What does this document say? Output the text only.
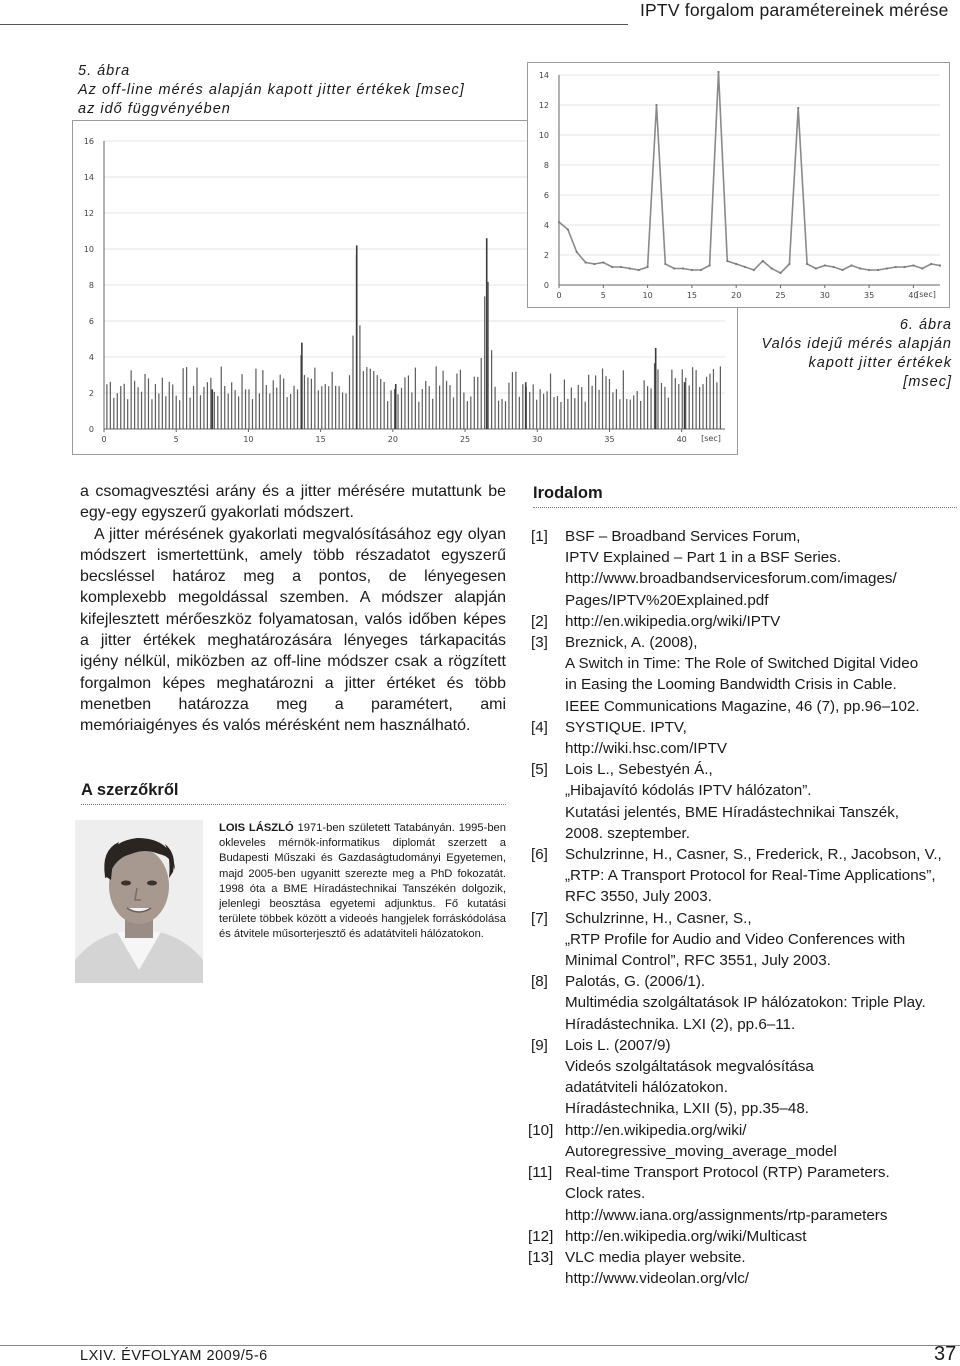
IPTV forgalom paramétereinek mérése
5. ábra
Az off-line mérés alapján kapott jitter értékek [msec]
az idő függvényében
0
2
4
6
8
10
12
14
16
0	5	10	15	20	25	30	35	40 [sec]
0
2
4
6
8
10
12
14
0	5	10	15	20	25	30	35	40
[sec]
6. ábra
Valós idejű mérés alapján
kapott jitter értékek
[msec]

a csomagvesztési arány és a jitter mérésére mutattunk be egy-egy egyszerű gyakorlati módszert.

A jitter mérésének gyakorlati megvalósításához egy olyan módszert ismertettünk, amely több részadatot egyszerű becsléssel határoz meg a pontos, de lényegesen komplexebb megoldással szemben. A módszer alapján kifejlesztett mérőeszköz folyamatosan, valós időben képes a jitter értékek meghatározására lényeges tárkapacitás igény nélkül, miközben az off-line módszer csak a rögzített forgalmon képes meghatározni a jitter értéket és több menetben határozza meg a paramétert, ami memóriaigényes és valós mérésként nem használható.

A szerzőkről
LOIS LÁSZLÓ 1971-ben született Tatabányán. 1995-ben okleveles mérnök-informatikus diplomát szerzett a Budapesti Műszaki és Gazdaságtudományi Egyetemen, majd 2005-ben ugyanitt szerezte meg a PhD fokozatát. 1998 óta a BME Híradástechnikai Tanszékén dolgozik, jelenlegi beosztása egyetemi adjunktus. Fő kutatási területe többek között a videoés hangjelek forráskódolása és átvitele műsorterjesztő és adatátviteli hálózatokon.
Irodalom
[1] BSF – Broadband Services Forum,
IPTV Explained – Part 1 in a BSF Series.
http://www.broadbandservicesforum.com/images/
Pages/IPTV%20Explained.pdf
[2] http://en.wikipedia.org/wiki/IPTV
[3] Breznick, A. (2008),
A Switch in Time: The Role of Switched Digital Video
in Easing the Looming Bandwidth Crisis in Cable.
IEEE Communications Magazine, 46 (7), pp.96–102.
[4] SYSTIQUE. IPTV,
http://wiki.hsc.com/IPTV
[5] Lois L., Sebestyén Á.,
„Hibajavító kódolás IPTV hálózaton”.
Kutatási jelentés, BME Híradástechnikai Tanszék,
2008. szeptember.
[6] Schulzrinne, H., Casner, S., Frederick, R., Jacobson, V.,
„RTP: A Transport Protocol for Real-Time Applications”,
RFC 3550, July 2003.
[7] Schulzrinne, H., Casner, S.,
„RTP Profile for Audio and Video Conferences with
Minimal Control”, RFC 3551, July 2003.
[8] Palotás, G. (2006/1).
Multimédia szolgáltatások IP hálózatokon: Triple Play.
Híradástechnika. LXI (2), pp.6–11.
[9] Lois L. (2007/9)
Videós szolgáltatások megvalósítása
adatátviteli hálózatokon.
Híradástechnika, LXII (5), pp.35–48.
[10] http://en.wikipedia.org/wiki/
Autoregressive_moving_average_model
[11] Real-time Transport Protocol (RTP) Parameters.
Clock rates.
http://www.iana.org/assignments/rtp-parameters
[12] http://en.wikipedia.org/wiki/Multicast
[13] VLC media player website.
http://www.videolan.org/vlc/
LXIV. ÉVFOLYAM 2009/5-6	37
